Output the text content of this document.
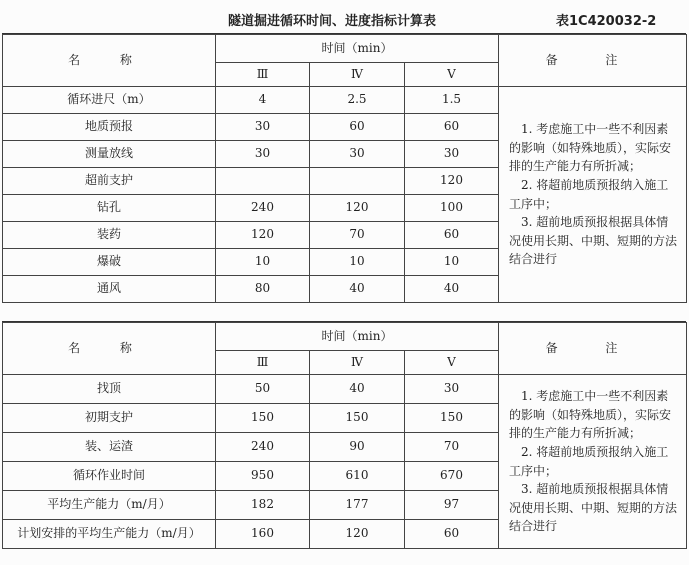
隧道掘进循环时间、进度指标计算表	表1C420032-2
名 称	时间（min）			备 注
	Ⅲ	Ⅳ	Ⅴ	
循环进尺（m）	4	2.5	1.5	1. 考虑施工中一些不利因素的影响（如特殊地质），实际安排的生产能力有所折减；

2. 将超前地质预报纳入施工工序中；

3. 超前地质预报根据具体情况使用长期、中期、短期的方法结合进行

地质预报	30	60	60	
测量放线	30	30	30	
超前支护			120	
钻孔	240	120	100	
装药	120	70	60	
爆破	10	10	10	
通风	80	40	40	
名 称	时间（min）			备 注
	Ⅲ	Ⅳ	Ⅴ	
找顶	50	40	30	1. 考虑施工中一些不利因素的影响（如特殊地质），实际安排的生产能力有所折减；

2. 将超前地质预报纳入施工工序中；

3. 超前地质预报根据具体情况使用长期、中期、短期的方法结合进行

初期支护	150	150	150	
装、运渣	240	90	70	
循环作业时间	950	610	670	
平均生产能力（m/月）	182	177	97	
计划安排的平均生产能力（m/月）	160	120	60	
